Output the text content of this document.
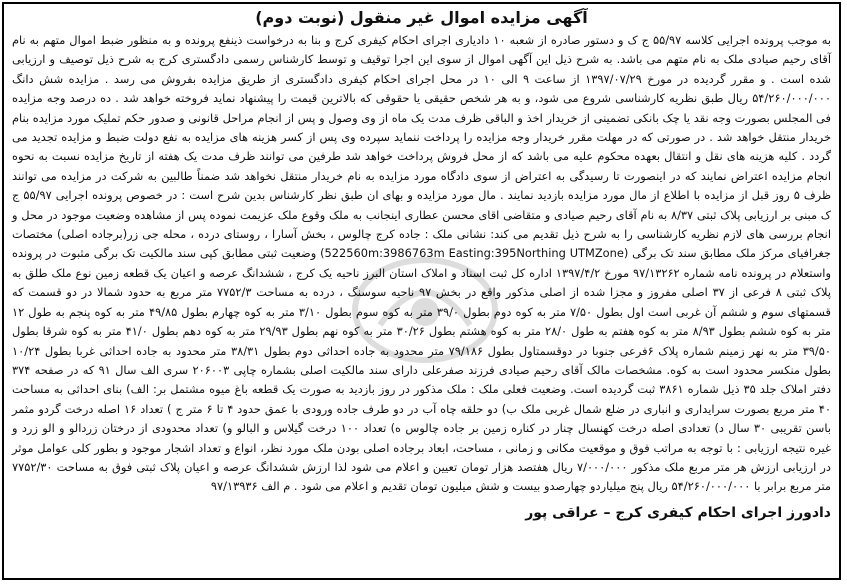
آگهی مزایده اموال غیر منقول (نوبت دوم)

به موجب پرونده اجرایی کلاسه ۵۵/۹۷ ج ک و دستور صادره از شعبه ۱۰ دادیاری اجرای احکام کیفری کرج و بنا به درخواست ذینفع پرونده و به منظور ضبط اموال متهم به نام آقای رحیم صیادی ملک به نام متهم می باشد. به شرح ذیل این آگهی اموال از سوی این اجرا توقیف و توسط کارشناس رسمی دادگستری کرج به شرح ذیل توصیف و ارزیابی شده است . و مقرر گردیده در مورخ ۱۳۹۷/۰۷/۲۹ از ساعت ۹ الی ۱۰ در محل اجرای احکام کیفری دادگستری از طریق مزایده بفروش می رسد . مزایده شش دانگ ۵۴/۲۶۰/۰۰۰/۰۰۰ ریال طبق نظریه کارشناسی شروع می شود، و به هر شخص حقیقی یا حقوقی که بالاترین قیمت را پیشنهاد نماید فروخته خواهد شد . ده درصد وجه مزایده فی المجلس بصورت وجه نقد یا چک بانکی تضمینی از خریدار اخذ و الباقی ظرف مدت یک ماه از وی وصول و پس از انجام مراحل قانونی و صدور حکم تملیک مورد مزایده بنام خریدار منتقل خواهد شد . در صورتی که در مهلت مقرر خریدار وجه مزایده را پرداخت ننماید سپرده وی پس از کسر هزینه های مزایده به نفع دولت ضبط و مزایده تجدید می گردد . کلیه هزینه های نقل و انتقال بعهده محکوم علیه می باشد که از محل فروش پرداخت خواهد شد طرفین می توانند ظرف مدت یک هفته از تاریخ مزایده نسبت به نحوه انجام مزایده اعتراض نمایند که در اینصورت تا رسیدگی به اعتراض از سوی دادگاه مورد مزایده به نام خریدار منتقل نخواهد شد ضمناً طالبین به شرکت در مزایده می توانند ظرف ۵ روز قبل از مزایده با اطلاع از مال مورد مزایده بازدید نمایند . مال مورد مزایده و بهای ان طبق نظر کارشناس بدین شرح است : در خصوص پرونده اجرایی ۵۵/۹۷ ج ک مبنی بر ارزیابی پلاک ثبتی ۸/۳۷ به نام آقای رحیم صیادی و متقاضی اقای محسن عطاری اینجانب به ملک وقوع ملک عزیمت نموده پس از مشاهده وضعیت موجود در محل و انجام بررسی های لازم نظریه کارشناسی را به شرح ذیل تقدیم می کند: نشانی ملک : جاده کرج چالوس ، بخش آسارا ، روستای درده ، محله جی زر(برجاده اصلی) مختصات جغرافیای مرکز ملک مطابق سند تک برگی (522560m:3986763m Easting:395Northing UTMZone) وضعیت ثبتی مطابق کپی سند مالکیت تک برگی مثبوت در پرونده واستعلام در پرونده نامه شماره ۹۷/۱۳۲۶۲ مورخ ۱۳۹۷/۴/۲ اداره کل ثبت اسناد و املاک استان البرز ناحیه یک کرج ، ششدانگ عرصه و اعیان یک قطعه زمین نوع ملک طلق به پلاک ثبتی ۸ فرعی از ۳۷ اصلی مفروز و مجزا شده از اصلی مذکور واقع در بخش ۹۷ ناحیه سوسنگ ، درده به مساحت ۷۷۵۲/۳ متر مربع به حدود شمالا در دو قسمت که قسمتهای سوم و ششم آن غربی است اول بطول ۷/۵۰ متر به کوه دوم بطول ۳۹/۰ متر به کوه سوم بطول ۳/۱۰ متر به کوه چهارم بطول ۴۹/۸۵ متر به کوه پنجم به طول ۱۲ متر به کوه ششم بطول ۸/۹۳ متر به کوه هفتم به طول ۲۸/۰ متر به کوه هشتم بطول ۳۰/۲۶ متر به کوه نهم بطول ۲۹/۹۳ متر به کوه دهم بطول ۴۱/۰ متر به کوه شرقا بطول ۳۹/۵۰ متر به نهر زمینم شماره پلاک ۶فرعی جنوبا در دوقسمتاول بطول ۷۹/۱۸۶ متر محدود به جاده احداثی دوم بطول ۳۸/۳۱ متر محدود به جاده احداثی غربا بطول ۱۰/۲۴ بطول منکسر محدود است به کوه. مشخصات مالک آقای رحیم صیادی فرزند صفرعلی دارای سند مالکیت اصلی بشماره چاپی ۲۰۶۰۰۳ سری الف سال ۹۱ که در صفحه ۳۷۴ دفتر املاک جلد ۳۵ ذیل شماره ۳۸۶۱ ثبت گردیده است. وضعیت فعلی ملک : ملک مذکور در روز بازدید به صورت یک قطعه باغ میوه مشتمل بر: الف) بنای احداثی به مساحت ۴۰ متر مربع بصورت سرایداری و انباری در ضلع شمال غربی ملک ب) دو حلقه چاه آب در دو طرف جاده ورودی با عمق حدود ۴ تا ۶ متر ج ) تعداد ۱۶ اصله درخت گردو مثمر باسن تقریبی ۳۰ سال د) تعدادی اصله درخت کهنسال چنار در کناره زمین بر جاده چالوس ه) تعداد ۱۰۰ درخت گیلاس و البالو و) تعداد محدودی از درختان زردالو و الو زرد و غیره نتیجه ارزیابی : با توجه به مراتب فوق و موقعیت مکانی و زمانی ، مساحت، ابعاد برجاده اصلی بودن ملک مورد نظر، انواع و تعداد اشجار موجود و بطور کلی عوامل موثر در ارزیابی ارزش هر متر مربع ملک مذکور ۷/۰۰۰/۰۰۰ ریال هفتصد هزار تومان تعیین و اعلام می شود لذا ارزش ششدانگ عرصه و اعیان پلاک ثبتی فوق به مساحت ۷۷۵۲/۳۰ متر مربع برابر با ۵۴/۲۶۰/۰۰۰/۰۰۰ ریال پنج میلیاردو چهارصدو بیست و شش میلیون تومان تقدیم و اعلام می شود . م الف ۹۷/۱۳۹۳۶

دادورز اجرای احکام کیفری کرج – عراقی پور
